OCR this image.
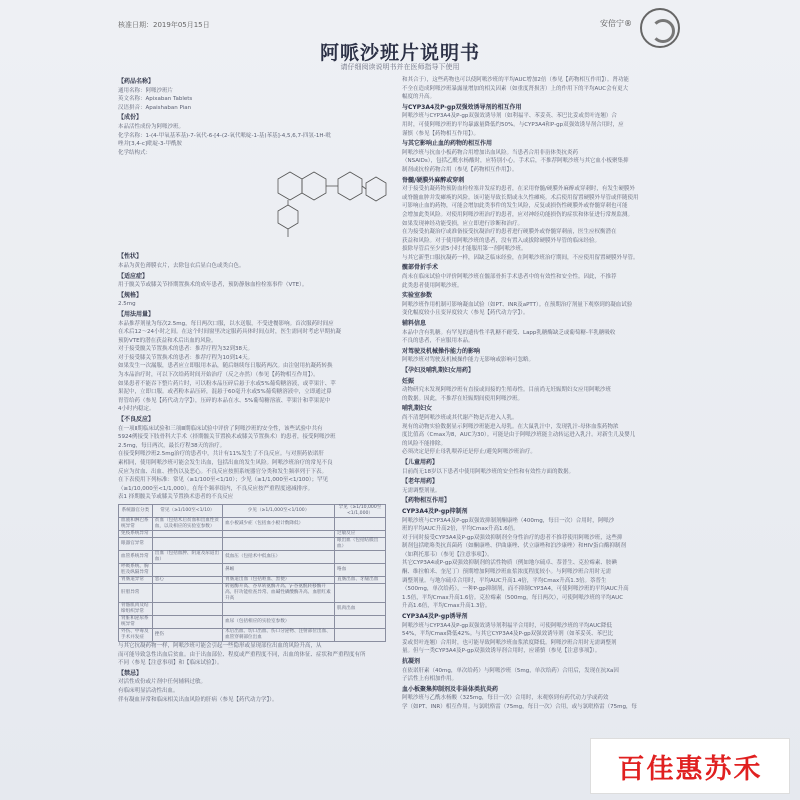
核准日期：2019年05月15日	安倍宁®
阿哌沙班片说明书
请仔细阅读说明书并在医师指导下使用
【药品名称】
通用名称：阿哌沙班片
英文名称：Apixaban Tablets
汉语拼音：Apaishaban Pian
【成份】
本品活性成份为阿哌沙班。
化学名称：1-(4-甲氧基苯基)-7-氧代-6-[4-(2-氧代哌啶-1-基)苯基]-4,5,6,7-四氢-1H-吡
唑并[3,4-c]吡啶-3-甲酰胺
化学结构式：
【性状】
本品为黄色薄膜衣片，去除包衣后显白色或类白色。
【适应症】
用于髋关节或膝关节择期置换术的成年患者，预防静脉血栓栓塞事件（VTE）。
【规格】
2.5mg
【用法用量】
本品推荐剂量为每次2.5mg，每日两次口服，以水送服，不受进餐影响。首次服药时间应
在术后12～24小时之间。在这个时间窗里决定服药具体时间点时，医生需同时考虑早期抗凝
预防VTE的潜在获益和术后出血的风险。
对于接受髋关节置换术的患者：推荐疗程为32到38天。
对于接受膝关节置换术的患者：推荐疗程为10到14天。
如果发生一次漏服，患者应立即服用本品，随后继续每日服药两次。由注射用抗凝药转换
为本品治疗时，可以下次给药时间开始治疗（反之亦然）（参见【药物相互作用】）。
如果患者不能吞下整片药片时，可以粉本品压碎后悬于水或5%葡萄糖溶液，或苹果汁、苹
果泥中，立即口服。或者粉本品压碎，混悬于60毫升水或5%葡萄糖溶液中，立即通过鼻
胃管给药（参见【药代动力学】），压碎的本品在水、5%葡萄糖溶液、苹果汁和苹果泥中
4小时内稳定。
【不良反应】
在一项Ⅱ期临床试验和三项Ⅲ期临床试验中评价了阿哌沙班的安全性，该些试验中共有
5924例接受下肢骨科大手术（择期髋关节置换术或膝关节置换术）的患者，接受阿哌沙班
2.5mg，每日两次，最长疗程38天的治疗。
在接受阿哌沙班2.5mg治疗的患者中，共计有11%发生了不良反应。与对照药依诺肝
素相同，使用阿哌沙班可能会发生出血，包括出血的发生风险。阿哌沙班治疗的常见不良
反应为贫血、出血、挫伤以及恶心。不良反应按照系统器官分类和发生频率列于下表。
在下表使用下列标准：常见（≥1/100至<1/10）；少见（≥1/1,000至<1/100）；罕见
（≥1/10,000至<1/1,000）。在每个频率组内，不良反应按严重程度递减排序。
表1 择期髋关节或膝关节置换术患者的不良反应
系统器官分类	常见（≥1/100至<1/10）	少见（≥1/1,000至<1/100）	罕见（≥1/10,000至<1/1,000）
血液和淋巴系统异常	贫血（包括术后贫血和出血性贫血，以及相应的实验室参数）	血小板减少症（包括血小板计数降低）	
免疫系统异常			过敏反应
眼器官异常			眼出血（包括结膜出血）
血管系统异常	出血（包括血肿、阴道及尿道出血）	低血压（包括术中低血压）	
呼吸系统、胸腔及纵隔异常		鼻衄	咯血
胃肠道异常	恶心	胃肠道出血（包括呕血、黑便）	直肠出血、牙龈出血
肝胆异常		转氨酶升高、谷草转氨酶升高、γ-谷氨酰转移酶升高、肝功能检查异常、血碱性磷酸酶升高、血胆红素升高	
骨骼肌肉及结缔组织异常			肌肉出血
肾脏和泌尿系统异常		血尿（包括相应的实验室参数）	
外伤、中毒及手术并发症	挫伤	术后出血、切口出血、伤口分泌物、注射部位出血、血管穿刺部位出血	
与其它抗凝药物一样，阿哌沙班可能会引起一些隐形或显现部位出血的风险升高，从
而可能导致急性出血后贫血。由于出血部位、程度或严重程度不同，出血的体征、症状和严重程度有所
不同（参见【注意事项】和【临床试验】）。
【禁忌】
对活性成份或片剂中任何辅料过敏。
有临床明显活动性出血。
伴有凝血异常和临床相关出血风险的肝病（参见【药代动力学】）。
和其合于），这些药物也可以使阿哌沙班的平均AUC增加2倍（参见【药物相互作用】）。肾功能
不全在造成阿哌沙班暴露量增加的相关因素（如重度肾损害）上的作用下的平均AUC会有更大
幅度的升高。
与CYP3A4及P-gp双强效诱导剂的相互作用
阿哌沙班与CYP3A4及P-gp双强效诱导剂（如利福平、苯妥英、苯巴比妥或贯叶连翘）合
用时，可使阿哌沙班的平均暴露量降低约50%。与CYP3A4和P-gp双强效诱导剂合用时，应
谨慎（参见【药物相互作用】）。
与其它影响止血的药物的相互作用
阿哌沙班与抗血小板药物合用增加出血风险。当患者合用非甾体类抗炎药
（NSAIDs），包括乙酰水杨酸时，应特别小心。手术后，不推荐阿哌沙班与其它血小板聚集抑
制剂或抗栓药物合用（参见【药物相互作用】）。
脊髓/硬膜外麻醉或穿刺
对于接受抗凝药物预防血栓栓塞并发症的患者，在采用脊髓/硬膜外麻醉或穿刺时，有发生硬膜外
或脊髓血肿并发瘫痪的风险。该可能导致长期或永久性瘫痪。术后使用留置硬膜外导管或伴随使用
可影响止血的药物，可能会增加此类事件的发生风险，反复或损伤性硬膜外或脊髓穿刺也可能
会增加此类风险。对使用阿哌沙班治疗的患者，应对神经功能损伤的症状和体征进行常规监测。
如果发现神经功能受损，应立即进行诊断和治疗。
在为接受抗凝治疗或准备接受抗凝治疗的患者进行硬膜外或脊髓穿刺前，医生应权衡潜在
获益和风险。对于使用阿哌沙班的患者，没有置入或拔除硬膜外导管的临床经验。
拔除导管后至少需5小时才能服用第一剂阿哌沙班。
与其它新型口服抗凝药一样，因缺乏临床经验，在阿哌沙班治疗期间，不应使用留置硬膜外导管。
髋部骨折手术
尚未在临床试验中评价阿哌沙班在髋部骨折手术患者中的有效性和安全性。因此，不推荐
此类患者使用阿哌沙班。
实验室参数
阿哌沙班作用机制可影响凝血试验（如PT、INR及aPTT）。在预期治疗剂量下观察到的凝血试验
变化幅度较小且变异度较大（参见【药代动力学】）。
辅料信息
本品中含有乳糖。有罕见的遗传性半乳糖不耐受、Lapp乳糖酶缺乏或葡萄糖-半乳糖吸收
不良的患者，不应服用本品。
对驾驶及机械操作能力的影响
阿哌沙班对驾驶及机械操作能力无影响或影响可忽略。
【孕妇及哺乳期妇女用药】
妊娠
动物研究未发现阿哌沙班有直接或间接的生殖毒性。目前尚无妊娠期妇女应用阿哌沙班
的数据。因此，不推荐在妊娠期间使用阿哌沙班。
哺乳期妇女
尚不清楚阿哌沙班或其代谢产物是否进入人乳。
现有的动物实验数据显示阿哌沙班能进入母乳。在大鼠乳汁中，发现乳汁-母体血浆药物浓
度比值高（Cmax为8，AUC为30）。可能是由于阿哌沙班能主动转运进入乳汁。对新生儿及婴儿
的风险不能排除。
必须决定是停止母乳喂养还是停止/避免阿哌沙班治疗。
【儿童用药】
目前尚无18岁以下患者中使用阿哌沙班的安全性和有效性方面的数据。
【老年用药】
无需调整剂量。
【药物相互作用】
CYP3A4及P-gp抑制剂
阿哌沙班与CYP3A4及P-gp双强效抑制剂酮康唑（400mg，每日一次）合用时，阿哌沙
班的平均AUC升高2倍，平均Cmax升高1.6倍。
对于同时接受CYP3A4及P-gp双强效抑制剂全身性治疗的患者不推荐使用阿哌沙班，这些抑
制剂包括吡咯类抗真菌药（如酮康唑、伊曲康唑、伏立康唑和泊沙康唑）和HIV蛋白酶抑制剂
（如利托那韦）（参见【注意事项】）。
其它CYP3A4或P-gp双强效抑制剂的活性物质（例如地尔硫卓、萘普生、克拉霉素、胺碘
酮、维拉帕米、奎尼丁）预期增加阿哌沙班血浆浓度程度较小。与阿哌沙班合用时无需
调整剂量。与地尔硫卓合用时，平均AUC升高1.4倍，平均Cmax升高1.3倍。萘普生
（500mg，单次给药），一种P-gp抑制剂，而不抑制CYP3A4，可使阿哌沙班的平均AUC升高
1.5倍，平均Cmax升高1.6倍。克拉霉素（500mg，每日两次），可使阿哌沙班的平均AUC
升高1.6倍，平均Cmax升高1.3倍。
CYP3A4及P-gp诱导剂
阿哌沙班与CYP3A4及P-gp双强效诱导剂利福平合用时，可使阿哌沙班的平均AUC降低
54%，平均Cmax降低42%。与其它CYP3A4及P-gp双强效诱导剂（如苯妥英、苯巴比
妥或贯叶连翘）合用时，也可能导致阿哌沙班血浆浓度降低。阿哌沙班合用时无需调整剂
量。但与一类CYP3A4及P-gp双强效诱导剂合用时，应谨慎（参见【注意事项】）。
抗凝剂
在依诺肝素（40mg，单次给药）与阿哌沙班（5mg，单次给药）合用后，发现在抗Xa因
子活性上有相加作用。
血小板聚集抑制剂及非甾体类抗炎药
阿哌沙班与乙酰水杨酸（325mg，每日一次）合用时，未观察到有药代动力学或药效
学（如PT、INR）相互作用。与氯吡格雷（75mg，每日一次）合用，或与氯吡格雷（75mg，每
百佳惠苏禾
